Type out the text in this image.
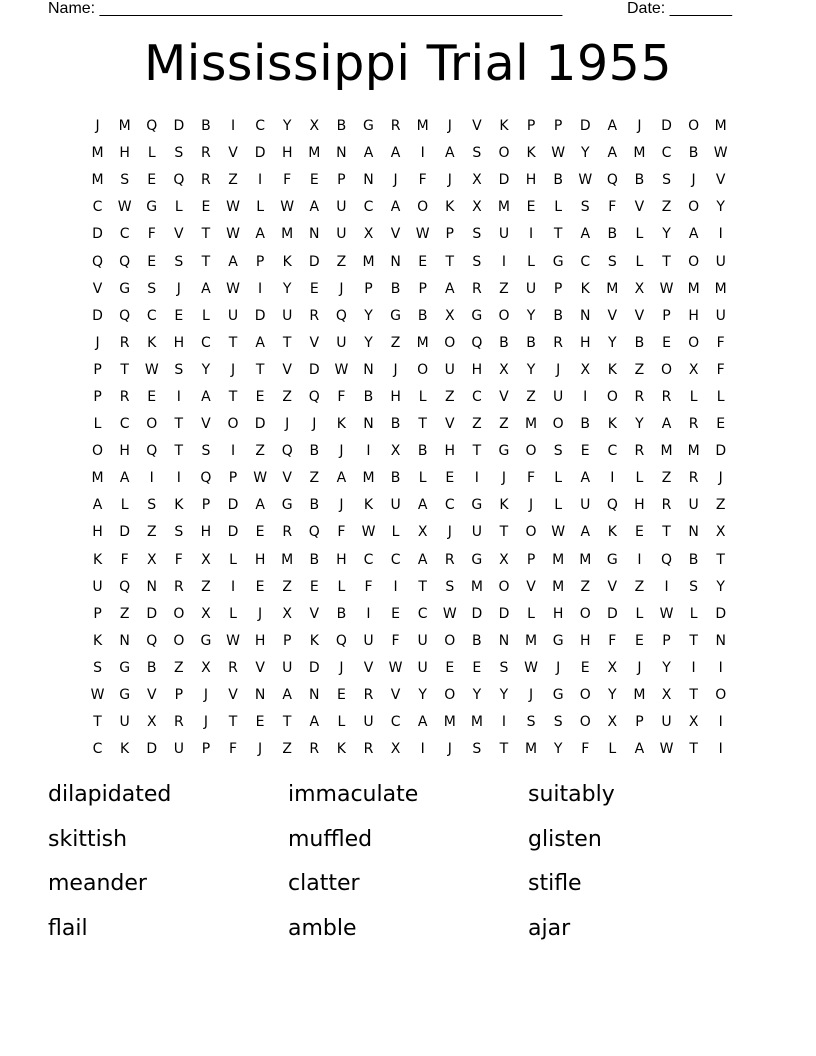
Name: ____________________________________________________	Date: _______
Mississippi Trial 1955
J	M	Q	D	B	I	C	Y	X	B	G	R	M	J	V	K	P	P	D	A	J	D	O	M
M	H	L	S	R	V	D	H	M	N	A	A	I	A	S	O	K	W	Y	A	M	C	B	W
M	S	E	Q	R	Z	I	F	E	P	N	J	F	J	X	D	H	B	W	Q	B	S	J	V
C	W	G	L	E	W	L	W	A	U	C	A	O	K	X	M	E	L	S	F	V	Z	O	Y
D	C	F	V	T	W	A	M	N	U	X	V	W	P	S	U	I	T	A	B	L	Y	A	I
Q	Q	E	S	T	A	P	K	D	Z	M	N	E	T	S	I	L	G	C	S	L	T	O	U
V	G	S	J	A	W	I	Y	E	J	P	B	P	A	R	Z	U	P	K	M	X	W	M	M
D	Q	C	E	L	U	D	U	R	Q	Y	G	B	X	G	O	Y	B	N	V	V	P	H	U
J	R	K	H	C	T	A	T	V	U	Y	Z	M	O	Q	B	B	R	H	Y	B	E	O	F
P	T	W	S	Y	J	T	V	D	W	N	J	O	U	H	X	Y	J	X	K	Z	O	X	F
P	R	E	I	A	T	E	Z	Q	F	B	H	L	Z	C	V	Z	U	I	O	R	R	L	L
L	C	O	T	V	O	D	J	J	K	N	B	T	V	Z	Z	M	O	B	K	Y	A	R	E
O	H	Q	T	S	I	Z	Q	B	J	I	X	B	H	T	G	O	S	E	C	R	M	M	D
M	A	I	I	Q	P	W	V	Z	A	M	B	L	E	I	J	F	L	A	I	L	Z	R	J
A	L	S	K	P	D	A	G	B	J	K	U	A	C	G	K	J	L	U	Q	H	R	U	Z
H	D	Z	S	H	D	E	R	Q	F	W	L	X	J	U	T	O	W	A	K	E	T	N	X
K	F	X	F	X	L	H	M	B	H	C	C	A	R	G	X	P	M	M	G	I	Q	B	T
U	Q	N	R	Z	I	E	Z	E	L	F	I	T	S	M	O	V	M	Z	V	Z	I	S	Y
P	Z	D	O	X	L	J	X	V	B	I	E	C	W	D	D	L	H	O	D	L	W	L	D
K	N	Q	O	G	W	H	P	K	Q	U	F	U	O	B	N	M	G	H	F	E	P	T	N
S	G	B	Z	X	R	V	U	D	J	V	W	U	E	E	S	W	J	E	X	J	Y	I	I
W	G	V	P	J	V	N	A	N	E	R	V	Y	O	Y	Y	J	G	O	Y	M	X	T	O
T	U	X	R	J	T	E	T	A	L	U	C	A	M	M	I	S	S	O	X	P	U	X	I
C	K	D	U	P	F	J	Z	R	K	R	X	I	J	S	T	M	Y	F	L	A	W	T	I
dilapidated	immaculate	suitably
skittish	muffled	glisten
meander	clatter	stifle
flail	amble	ajar
